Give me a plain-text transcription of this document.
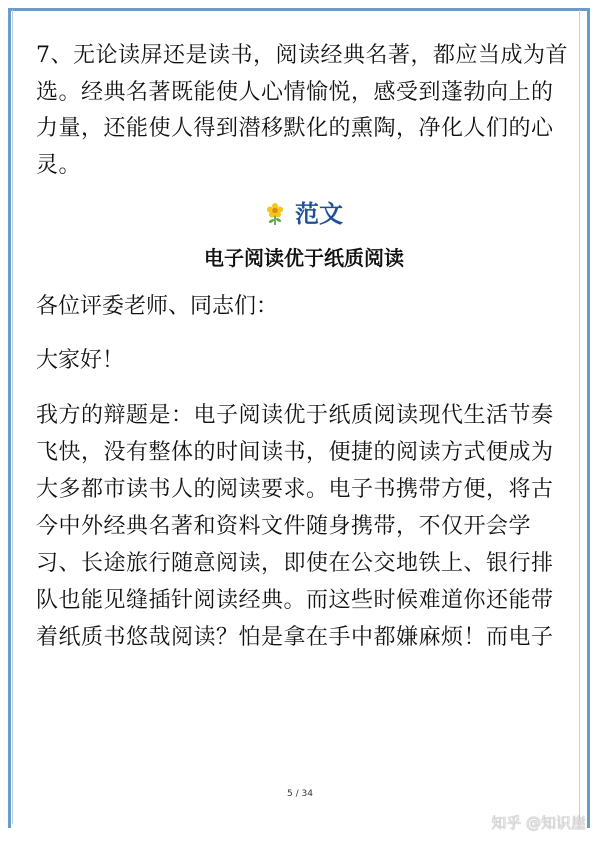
7、无论读屏还是读书，阅读经典名著，都应当成为首选。经典名著既能使人心情愉悦，感受到蓬勃向上的力量，还能使人得到潜移默化的熏陶，净化人们的心灵。

范文
电子阅读优于纸质阅读

各位评委老师、同志们：

大家好！

我方的辩题是：电子阅读优于纸质阅读现代生活节奏飞快，没有整体的时间读书，便捷的阅读方式便成为大多都市读书人的阅读要求。电子书携带方便，将古今中外经典名著和资料文件随身携带，不仅开会学习、长途旅行随意阅读，即使在公交地铁上、银行排队也能见缝插针阅读经典。而这些时候难道你还能带着纸质书悠哉阅读？怕是拿在手中都嫌麻烦！而电子

5 / 34
知乎 @知识崖
